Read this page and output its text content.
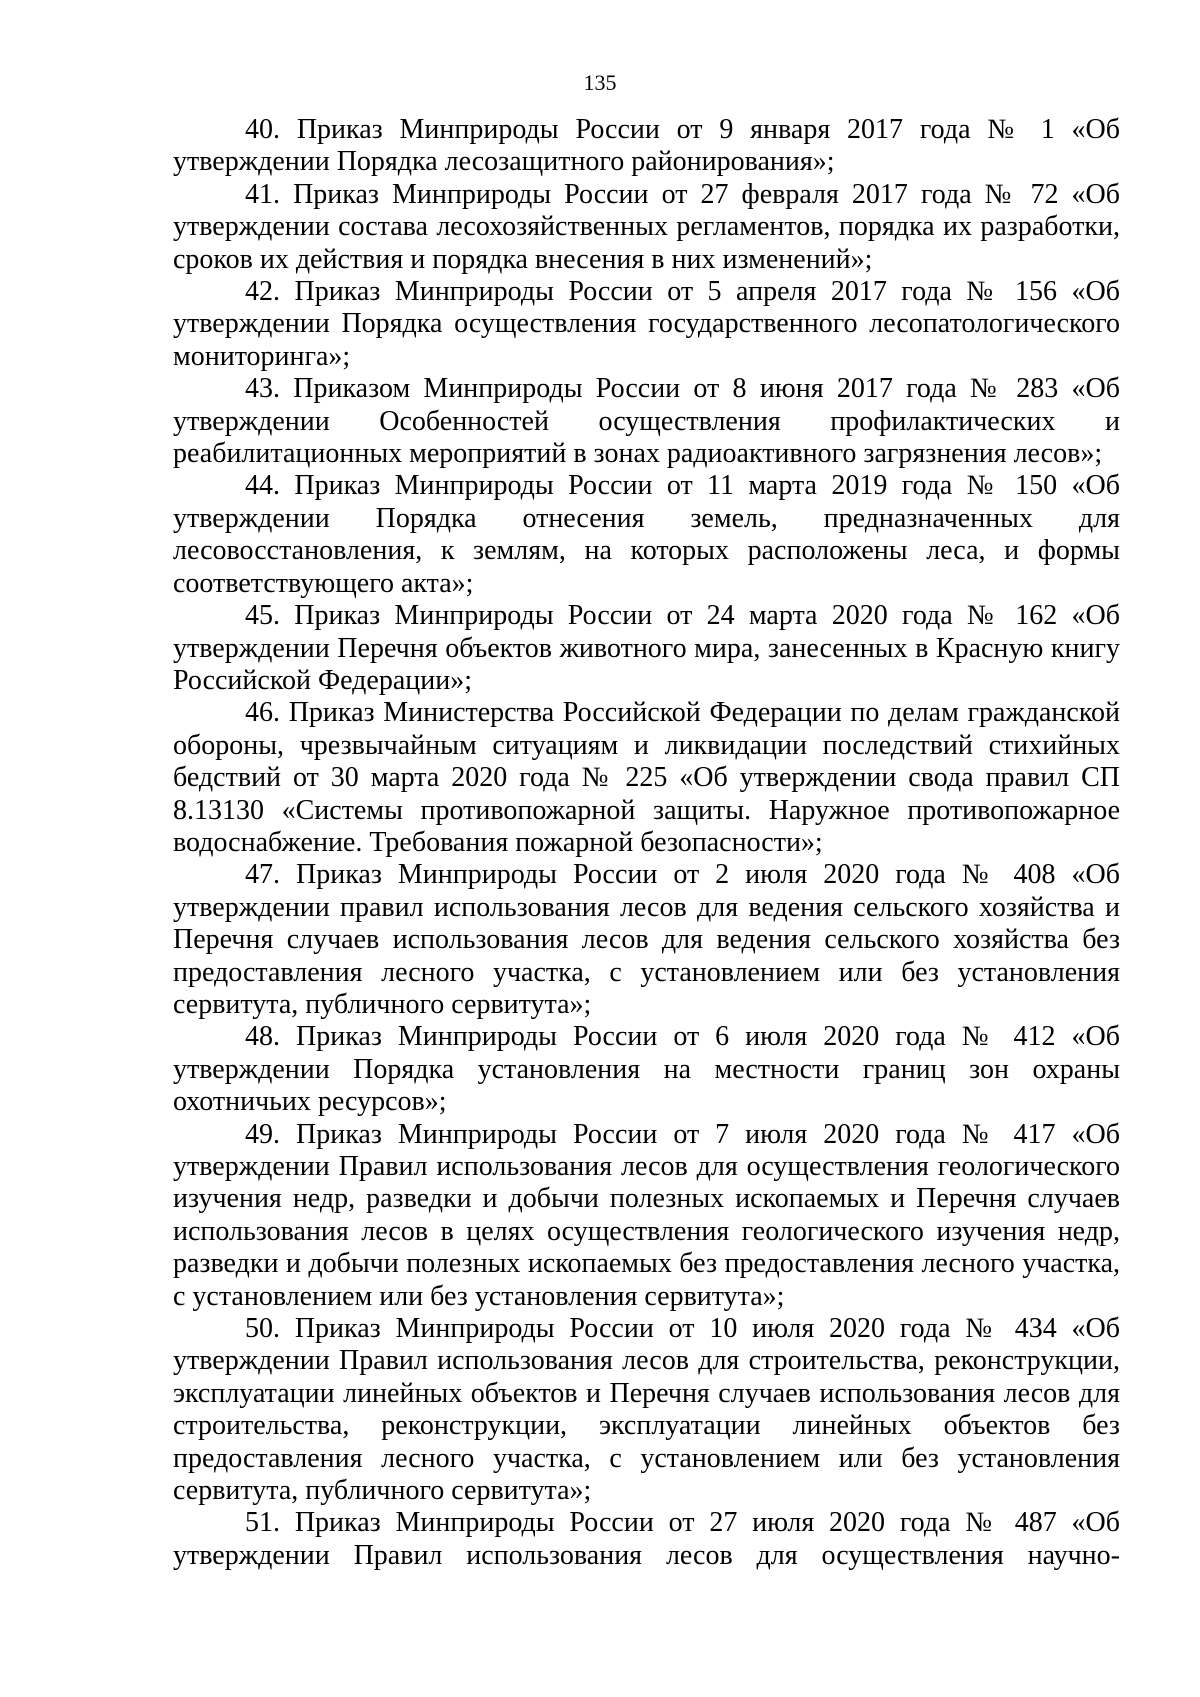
135

40. Приказ Минприроды России от 9 января 2017 года № 1 «Об утверждении Порядка лесозащитного районирования»;

41. Приказ Минприроды России от 27 февраля 2017 года № 72 «Об утверждении состава лесохозяйственных регламентов, порядка их разработки, сроков их действия и порядка внесения в них изменений»;

42. Приказ Минприроды России от 5 апреля 2017 года № 156 «Об утверждении Порядка осуществления государственного лесопатологического мониторинга»;

43. Приказом Минприроды России от 8 июня 2017 года № 283 «Об утверждении Особенностей осуществления профилактических и реабилитационных мероприятий в зонах радиоактивного загрязнения лесов»;

44. Приказ Минприроды России от 11 марта 2019 года № 150 «Об утверждении Порядка отнесения земель, предназначенных для лесовосстановления, к землям, на которых расположены леса, и формы соответствующего акта»;

45. Приказ Минприроды России от 24 марта 2020 года № 162 «Об утверждении Перечня объектов животного мира, занесенных в Красную книгу Российской Федерации»;

46. Приказ Министерства Российской Федерации по делам гражданской обороны, чрезвычайным ситуациям и ликвидации последствий стихийных бедствий от 30 марта 2020 года № 225 «Об утверждении свода правил СП 8.13130 «Системы противопожарной защиты. Наружное противопожарное водоснабжение. Требования пожарной безопасности»;

47. Приказ Минприроды России от 2 июля 2020 года № 408 «Об утверждении правил использования лесов для ведения сельского хозяйства и Перечня случаев использования лесов для ведения сельского хозяйства без предоставления лесного участка, с установлением или без установления сервитута, публичного сервитута»;

48. Приказ Минприроды России от 6 июля 2020 года № 412 «Об утверждении Порядка установления на местности границ зон охраны охотничьих ресурсов»;

49. Приказ Минприроды России от 7 июля 2020 года № 417 «Об утверждении Правил использования лесов для осуществления геологического изучения недр, разведки и добычи полезных ископаемых и Перечня случаев использования лесов в целях осуществления геологического изучения недр, разведки и добычи полезных ископаемых без предоставления лесного участка, с установлением или без установления сервитута»;

50. Приказ Минприроды России от 10 июля 2020 года № 434 «Об утверждении Правил использования лесов для строительства, реконструкции, эксплуатации линейных объектов и Перечня случаев использования лесов для строительства, реконструкции, эксплуатации линейных объектов без предоставления лесного участка, с установлением или без установления сервитута, публичного сервитута»;

51. Приказ Минприроды России от 27 июля 2020 года № 487 «Об утверждении Правил использования лесов для осуществления научно-
